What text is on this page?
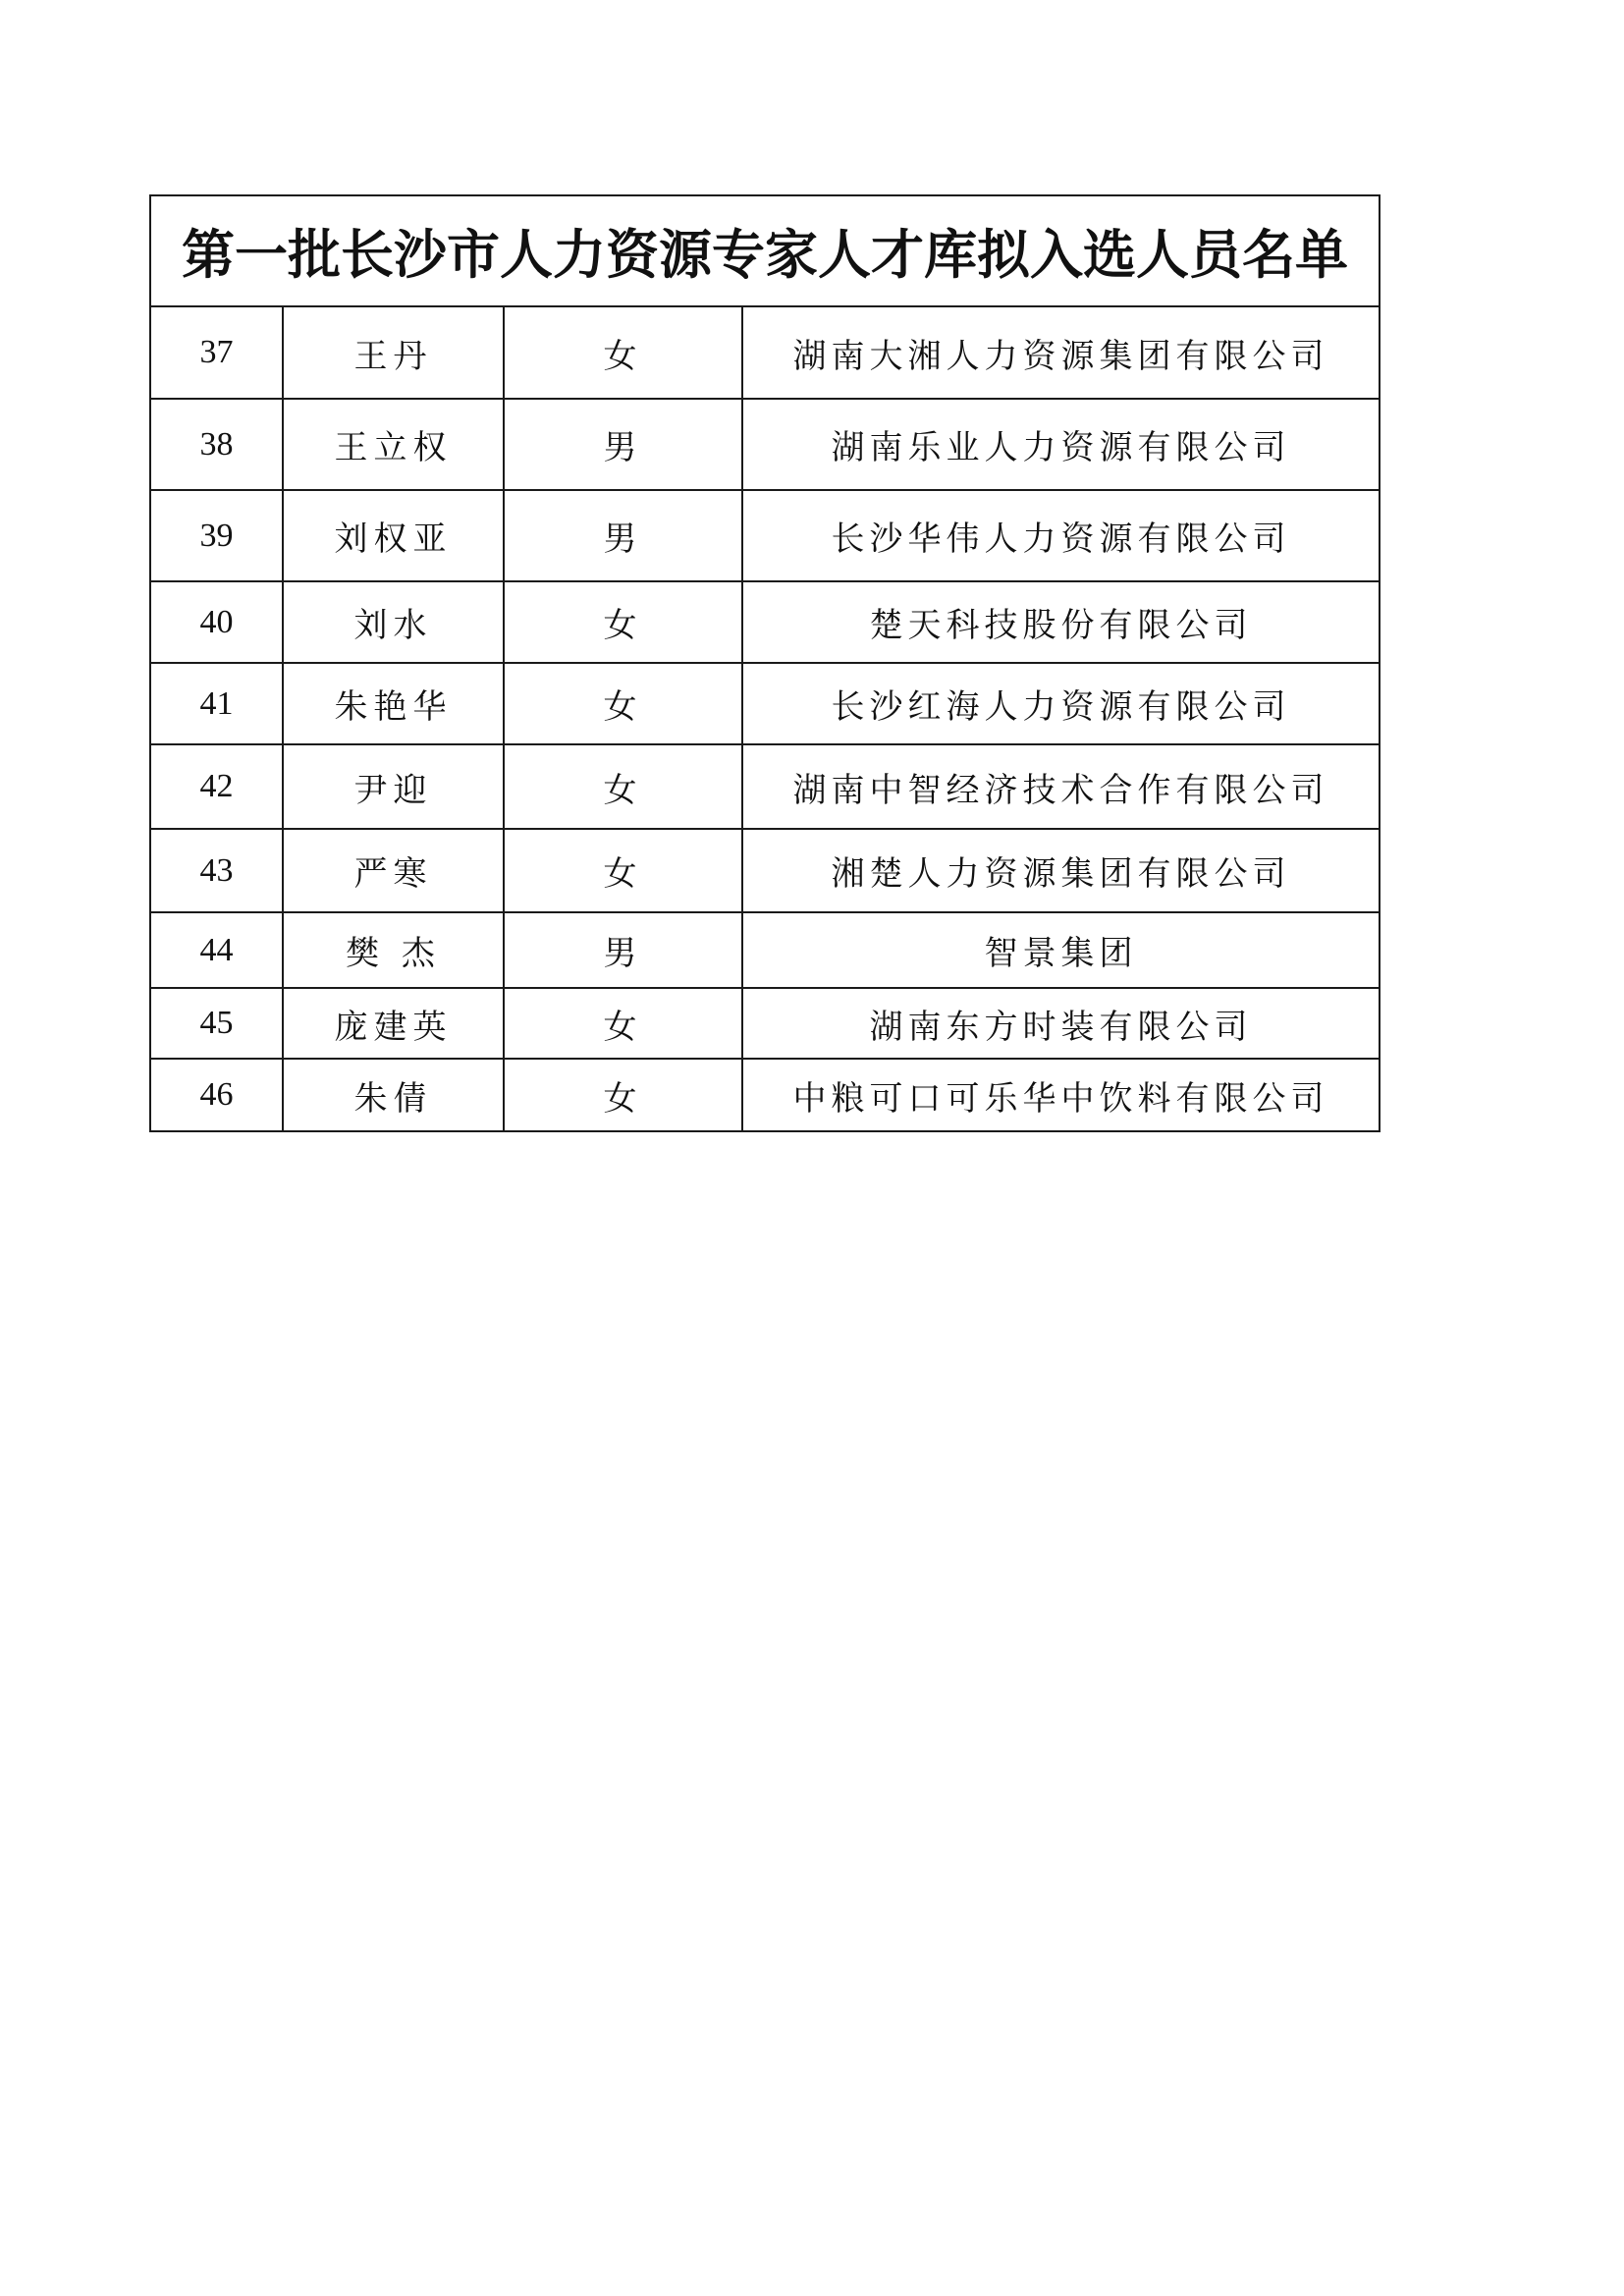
第一批长沙市人力资源专家人才库拟入选人员名单			
37	王丹	女	湖南大湘人力资源集团有限公司
38	王立权	男	湖南乐业人力资源有限公司
39	刘权亚	男	长沙华伟人力资源有限公司
40	刘水	女	楚天科技股份有限公司
41	朱艳华	女	长沙红海人力资源有限公司
42	尹迎	女	湖南中智经济技术合作有限公司
43	严寒	女	湘楚人力资源集团有限公司
44	樊 杰	男	智景集团
45	庞建英	女	湖南东方时装有限公司
46	朱倩	女	中粮可口可乐华中饮料有限公司
